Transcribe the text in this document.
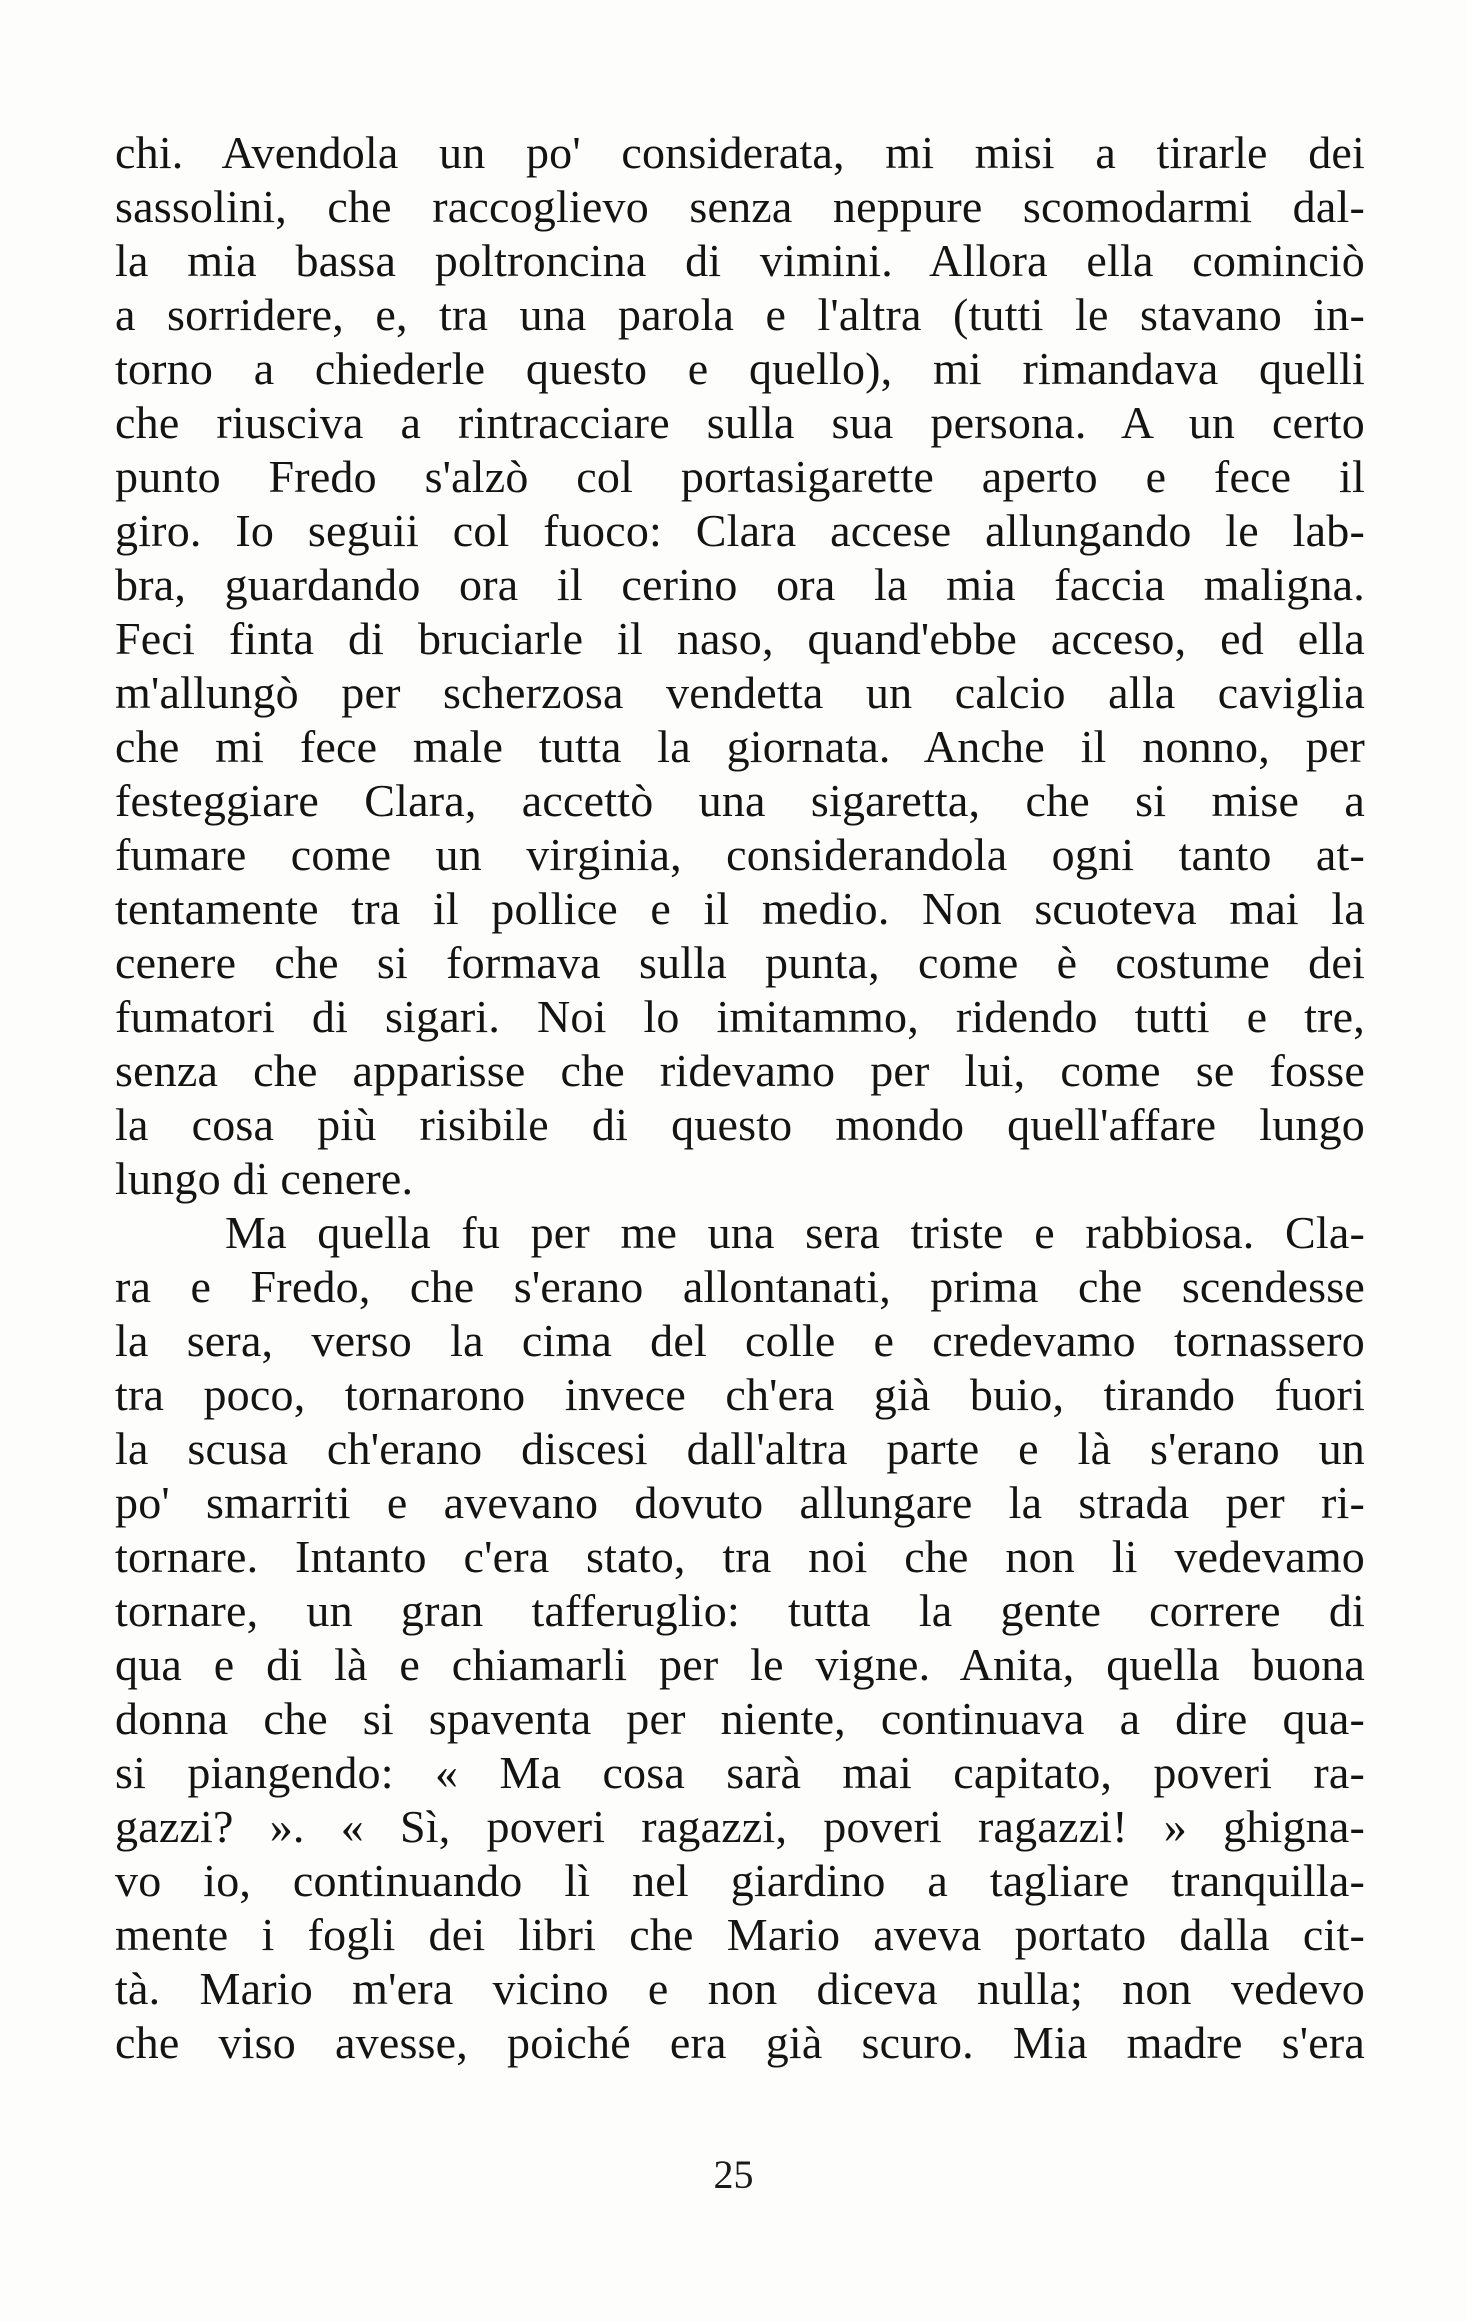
chi. Avendola un po' considerata, mi misi a tirarle dei
sassolini, che raccoglievo senza neppure scomodarmi dal-
la mia bassa poltroncina di vimini. Allora ella cominciò
a sorridere, e, tra una parola e l'altra (tutti le stavano in-
torno a chiederle questo e quello), mi rimandava quelli
che riusciva a rintracciare sulla sua persona. A un certo
punto Fredo s'alzò col portasigarette aperto e fece il
giro. Io seguii col fuoco: Clara accese allungando le lab-
bra, guardando ora il cerino ora la mia faccia maligna.
Feci finta di bruciarle il naso, quand'ebbe acceso, ed ella
m'allungò per scherzosa vendetta un calcio alla caviglia
che mi fece male tutta la giornata. Anche il nonno, per
festeggiare Clara, accettò una sigaretta, che si mise a
fumare come un virginia, considerandola ogni tanto at-
tentamente tra il pollice e il medio. Non scuoteva mai la
cenere che si formava sulla punta, come è costume dei
fumatori di sigari. Noi lo imitammo, ridendo tutti e tre,
senza che apparisse che ridevamo per lui, come se fosse
la cosa più risibile di questo mondo quell'affare lungo
lungo di cenere.
Ma quella fu per me una sera triste e rabbiosa. Cla-
ra e Fredo, che s'erano allontanati, prima che scendesse
la sera, verso la cima del colle e credevamo tornassero
tra poco, tornarono invece ch'era già buio, tirando fuori
la scusa ch'erano discesi dall'altra parte e là s'erano un
po' smarriti e avevano dovuto allungare la strada per ri-
tornare. Intanto c'era stato, tra noi che non li vedevamo
tornare, un gran tafferuglio: tutta la gente correre di
qua e di là e chiamarli per le vigne. Anita, quella buona
donna che si spaventa per niente, continuava a dire qua-
si piangendo: « Ma cosa sarà mai capitato, poveri ra-
gazzi? ». « Sì, poveri ragazzi, poveri ragazzi! » ghigna-
vo io, continuando lì nel giardino a tagliare tranquilla-
mente i fogli dei libri che Mario aveva portato dalla cit-
tà. Mario m'era vicino e non diceva nulla; non vedevo
che viso avesse, poiché era già scuro. Mia madre s'era
25
